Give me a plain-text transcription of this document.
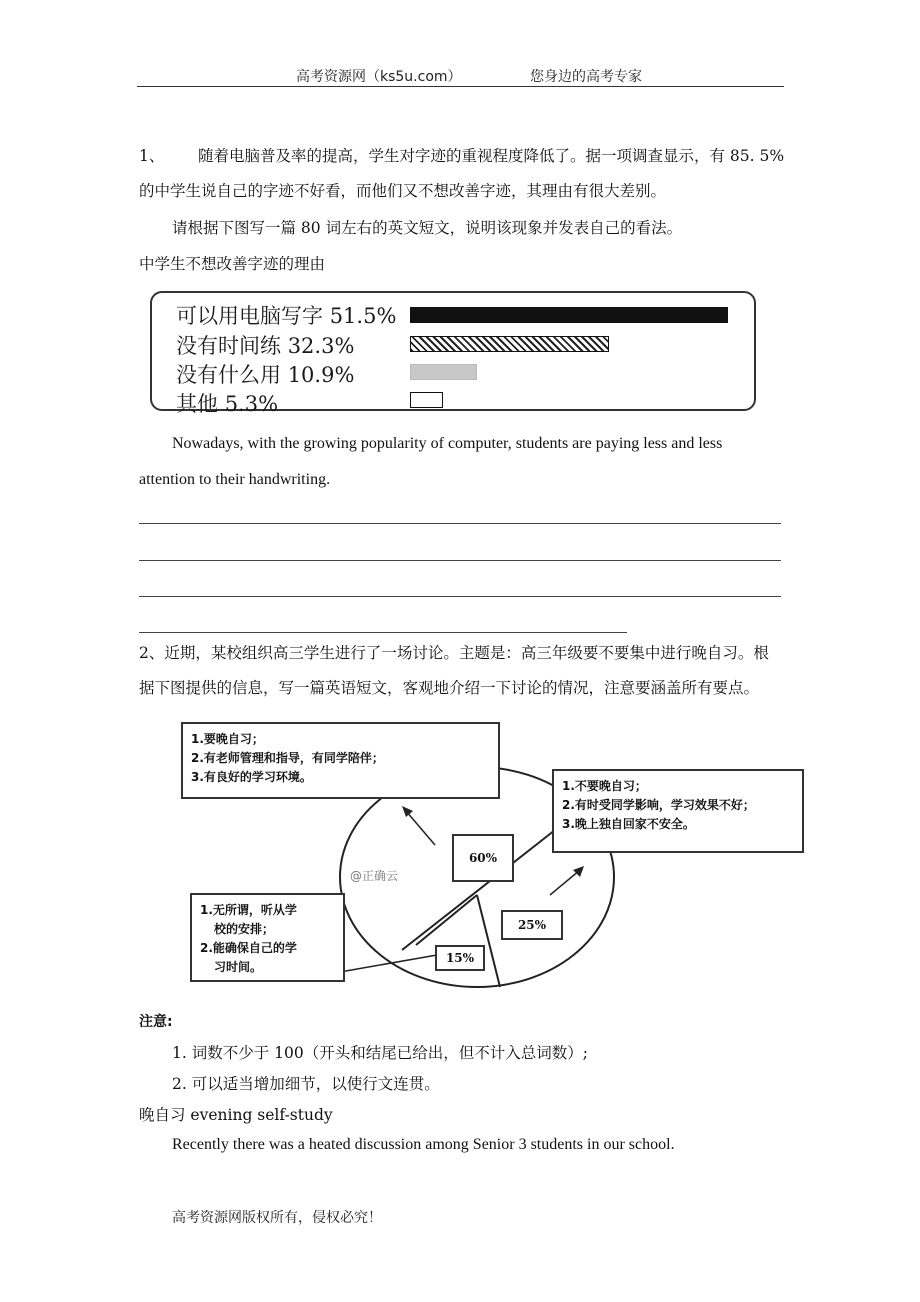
高考资源网（ks5u.com）	您身边的高考专家
1、 随着电脑普及率的提高，学生对字迹的重视程度降低了。据一项调查显示，有 85. 5%
的中学生说自己的字迹不好看，而他们又不想改善字迹，其理由有很大差别。
请根据下图写一篇 80 词左右的英文短文，说明该现象并发表自己的看法。
中学生不想改善字迹的理由
可以用电脑写字 51.5%
没有时间练 32.3%
没有什么用 10.9%
其他 5.3%
Nowadays, with the growing popularity of computer, students are paying less and less
attention to their handwriting.
2、近期，某校组织高三学生进行了一场讨论。主题是：高三年级要不要集中进行晚自习。根
据下图提供的信息，写一篇英语短文，客观地介绍一下讨论的情况，注意要涵盖所有要点。
1.要晚自习；
2.有老师管理和指导，有同学陪伴；
3.有良好的学习环境。
1.不要晚自习；
2.有时受同学影响，学习效果不好；
3.晚上独自回家不安全。
1.无所谓，听从学
校的安排；
2.能确保自己的学
习时间。
60%
25%
15%
@正确云
注意:
1. 词数不少于 100（开头和结尾已给出，但不计入总词数）;
2. 可以适当增加细节，以使行文连贯。
晚自习 evening self-study
Recently there was a heated discussion among Senior 3 students in our school.
高考资源网版权所有，侵权必究！
